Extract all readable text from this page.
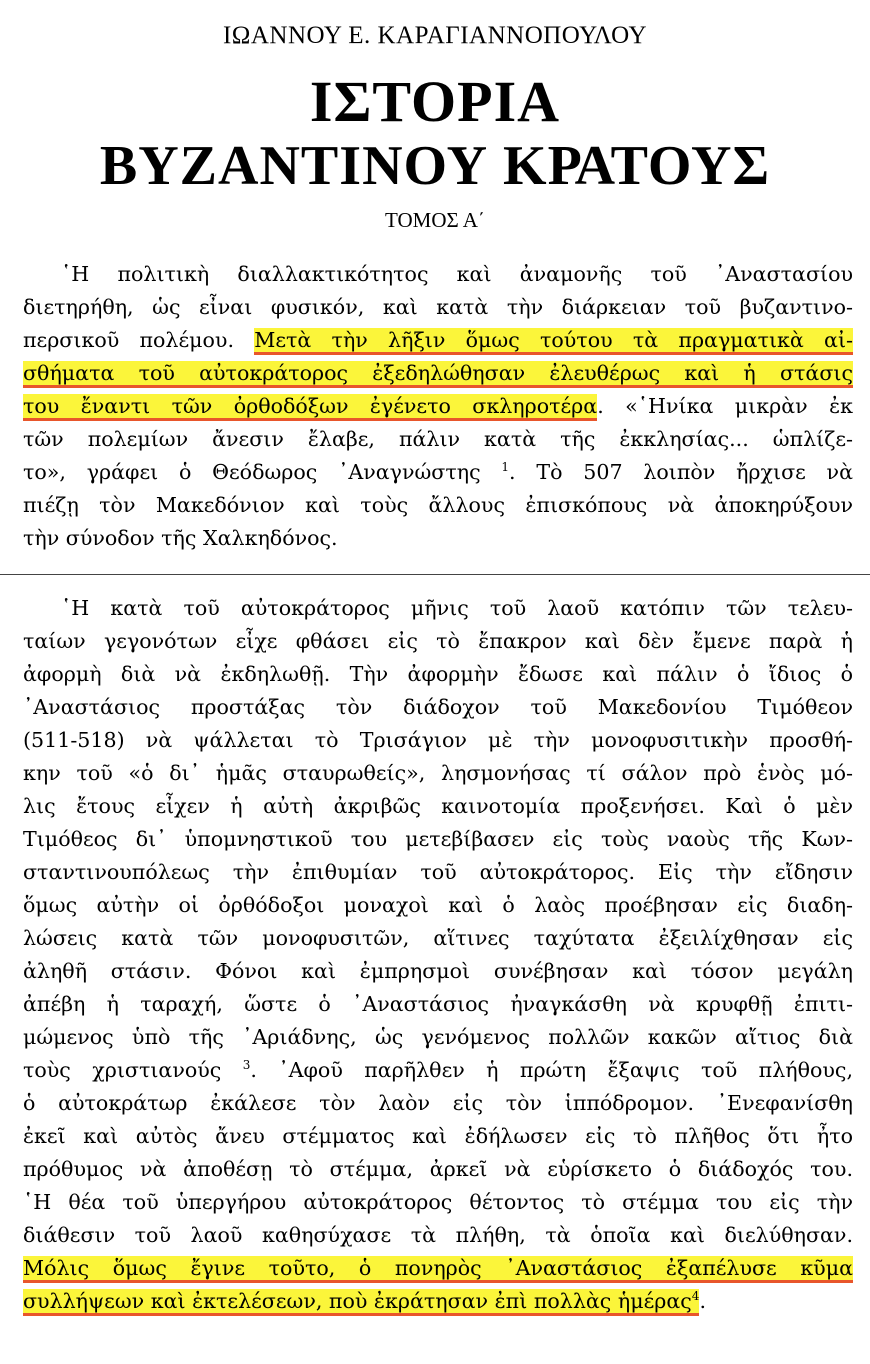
ΙΩΑΝΝΟΥ Ε. ΚΑΡΑΓΙΑΝΝΟΠΟΥΛΟΥ
ΙΣΤΟΡΙΑ
ΒΥΖΑΝΤΙΝΟΥ ΚΡΑΤΟΥΣ
ΤΟΜΟΣ Α΄
῾Η πολιτικὴ διαλλακτικότητος καὶ ἀναμονῆς τοῦ ᾿Αναστασίου
διετηρήθη, ὡς εἶναι φυσικόν, καὶ κατὰ τὴν διάρκειαν τοῦ βυζαντινο-
περσικοῦ πολέμου. Μετὰ τὴν λῆξιν ὅμως τούτου τὰ πραγματικὰ αἰ-
σθήματα τοῦ αὐτοκράτορος ἐξεδηλώθησαν ἐλευθέρως καὶ ἡ στάσις
του ἔναντι τῶν ὀρθοδόξων ἐγένετο σκληροτέρα. «῾Ηνίκα μικρὰν ἐκ
τῶν πολεμίων ἄνεσιν ἔλαβε, πάλιν κατὰ τῆς ἐκκλησίας... ὡπλίζε-
το», γράφει ὁ Θεόδωρος ᾿Αναγνώστης $^1$. Τὸ 507 λοιπὸν ἤρχισε νὰ
πιέζῃ τὸν Μακεδόνιον καὶ τοὺς ἄλλους ἐπισκόπους νὰ ἀποκηρύξουν
τὴν σύνοδον τῆς Χαλκηδόνος.
῾Η κατὰ τοῦ αὐτοκράτορος μῆνις τοῦ λαοῦ κατόπιν τῶν τελευ-
ταίων γεγονότων εἶχε φθάσει εἰς τὸ ἔπακρον καὶ δὲν ἔμενε παρὰ ἡ
ἀφορμὴ διὰ νὰ ἐκδηλωθῇ. Τὴν ἀφορμὴν ἔδωσε καὶ πάλιν ὁ ἴδιος ὁ
᾿Αναστάσιος προστάξας τὸν διάδοχον τοῦ Μακεδονίου Τιμόθεον
(511-518) νὰ ψάλλεται τὸ Τρισάγιον μὲ τὴν μονοφυσιτικὴν προσθή-
κην τοῦ «ὁ δι᾿ ἡμᾶς σταυρωθείς», λησμονήσας τί σάλον πρὸ ἑνὸς μό-
λις ἔτους εἶχεν ἡ αὐτὴ ἀκριβῶς καινοτομία προξενήσει. Καὶ ὁ μὲν
Τιμόθεος δι᾿ ὑπομνηστικοῦ του μετεβίβασεν εἰς τοὺς ναοὺς τῆς Κων-
σταντινουπόλεως τὴν ἐπιθυμίαν τοῦ αὐτοκράτορος. Εἰς τὴν εἴδησιν
ὅμως αὐτὴν οἱ ὀρθόδοξοι μοναχοὶ καὶ ὁ λαὸς προέβησαν εἰς διαδη-
λώσεις κατὰ τῶν μονοφυσιτῶν, αἵτινες ταχύτατα ἐξειλίχθησαν εἰς
ἀληθῆ στάσιν. Φόνοι καὶ ἐμπρησμοὶ συνέβησαν καὶ τόσον μεγάλη
ἀπέβη ἡ ταραχή, ὥστε ὁ ᾿Αναστάσιος ἠναγκάσθη νὰ κρυφθῇ ἐπιτι-
μώμενος ὑπὸ τῆς ᾿Αριάδνης, ὡς γενόμενος πολλῶν κακῶν αἴτιος διὰ
τοὺς χριστιανούς $^3$. ᾿Αφοῦ παρῆλθεν ἡ πρώτη ἔξαψις τοῦ πλήθους,
ὁ αὐτοκράτωρ ἐκάλεσε τὸν λαὸν εἰς τὸν ἱππόδρομον. ᾿Ενεφανίσθη
ἐκεῖ καὶ αὐτὸς ἄνευ στέμματος καὶ ἐδήλωσεν εἰς τὸ πλῆθος ὅτι ἦτο
πρόθυμος νὰ ἀποθέσῃ τὸ στέμμα, ἀρκεῖ νὰ εὑρίσκετο ὁ διάδοχός του.
῾Η θέα τοῦ ὑπεργήρου αὐτοκράτορος θέτοντος τὸ στέμμα του εἰς τὴν
διάθεσιν τοῦ λαοῦ καθησύχασε τὰ πλήθη, τὰ ὁποῖα καὶ διελύθησαν.
Μόλις ὅμως ἔγινε τοῦτο, ὁ πονηρὸς ᾿Αναστάσιος ἐξαπέλυσε κῦμα
συλλήψεων καὶ ἐκτελέσεων, ποὺ ἐκράτησαν ἐπὶ πολλὰς ἡμέρας$^4$.
